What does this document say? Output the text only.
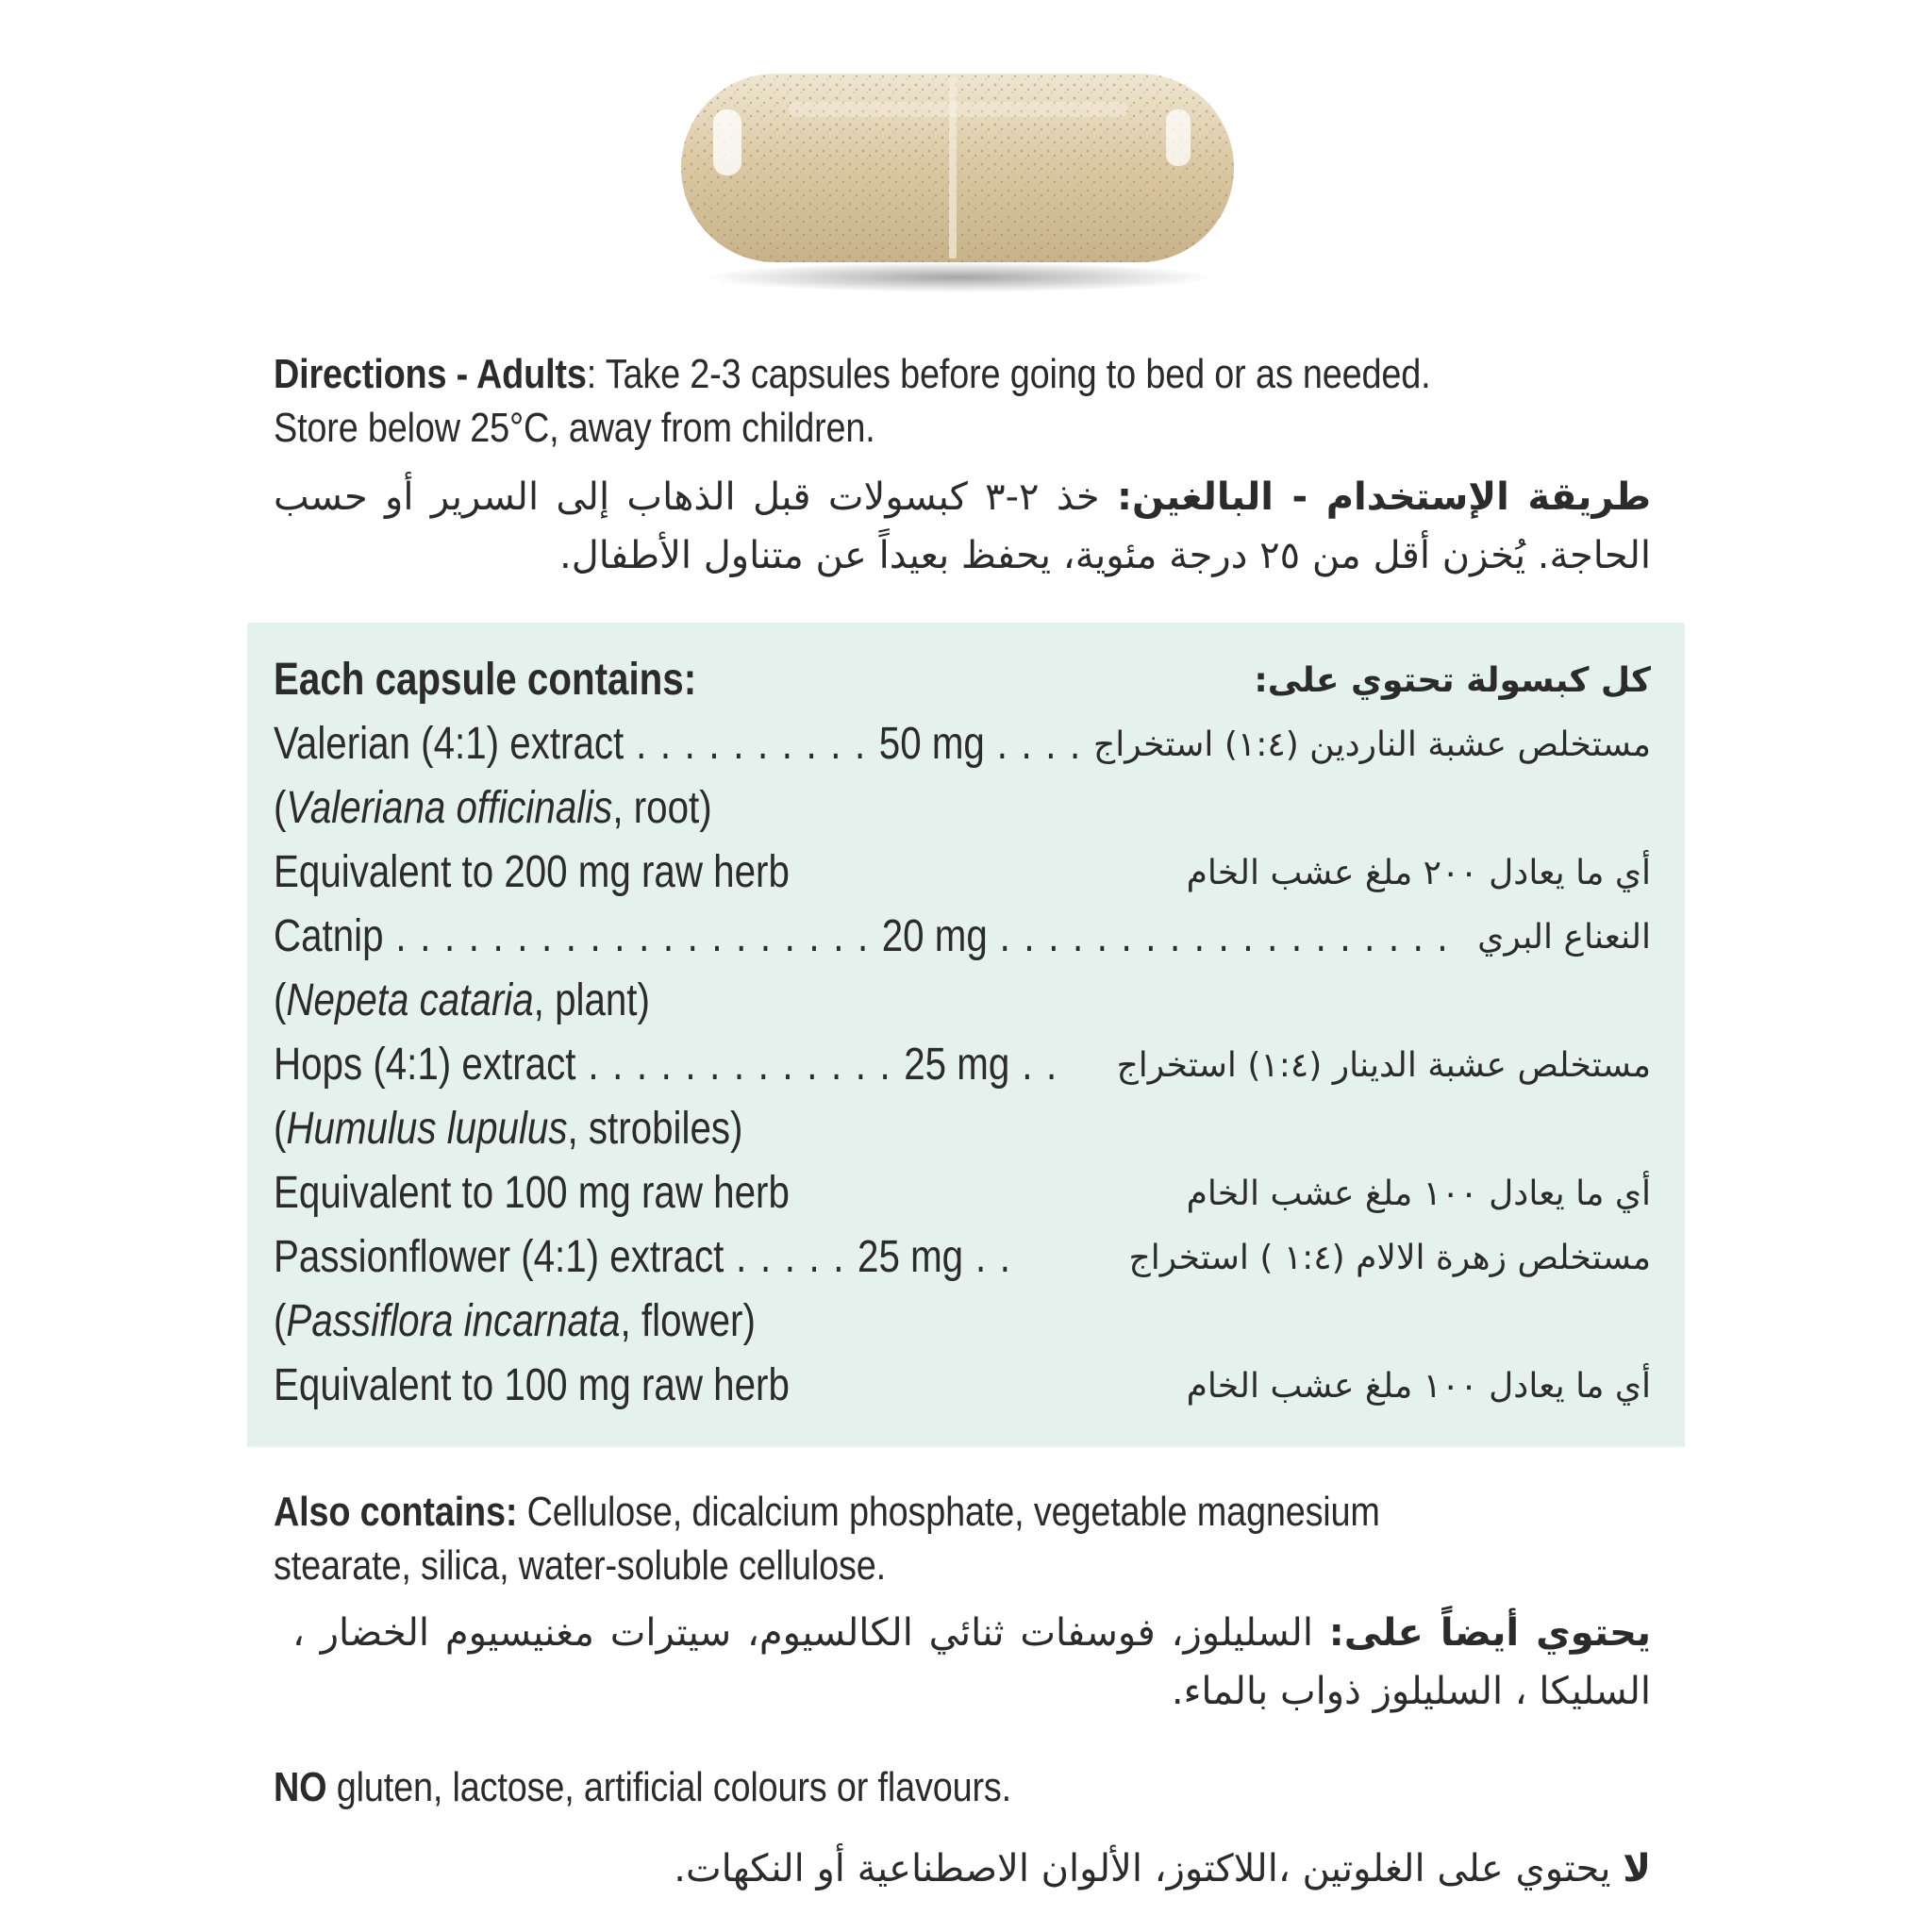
Directions - Adults: Take 2-3 capsules before going to bed or as needed.
Store below 25°C, away from children.
طريقة الإستخدام - البالغين: خذ ٢-٣ كبسولات قبل الذهاب إلى السرير أو حسب الحاجة. يُخزن أقل من ٢٥ درجة مئوية، يحفظ بعيداً عن متناول الأطفال.
Each capsule contains:	كل كبسولة تحتوي على:
Valerian (4:1) extract . . . . . . . . . . 50 mg . . . . مستخلص عشبة الناردين (١:٤) استخراج
(Valeriana officinalis, root)
Equivalent to 200 mg raw herb	أي ما يعادل ٢٠٠ ملغ عشب الخام
Catnip . . . . . . . . . . . . . . . . . . . . 20 mg . . . . . . . . . . . . . . . . . . . النعناع البري
(Nepeta cataria, plant)
Hops (4:1) extract . . . . . . . . . . . . . 25 mg . . مستخلص عشبة الدينار (١:٤) استخراج
(Humulus lupulus, strobiles)
Equivalent to 100 mg raw herb	أي ما يعادل ١٠٠ ملغ عشب الخام
Passionflower (4:1) extract . . . . . 25 mg . .	مستخلص زهرة الالام (١:٤ ) استخراج
(Passiflora incarnata, flower)
Equivalent to 100 mg raw herb	أي ما يعادل ١٠٠ ملغ عشب الخام
Also contains: Cellulose, dicalcium phosphate, vegetable magnesium stearate, silica, water-soluble cellulose.
يحتوي أيضاً على: السليلوز، فوسفات ثنائي الكالسيوم، سيترات مغنيسيوم الخضار ، السليكا ، السليلوز ذواب بالماء.
NO gluten, lactose, artificial colours or flavours.
لا يحتوي على الغلوتين ،اللاكتوز، الألوان الاصطناعية أو النكهات.
